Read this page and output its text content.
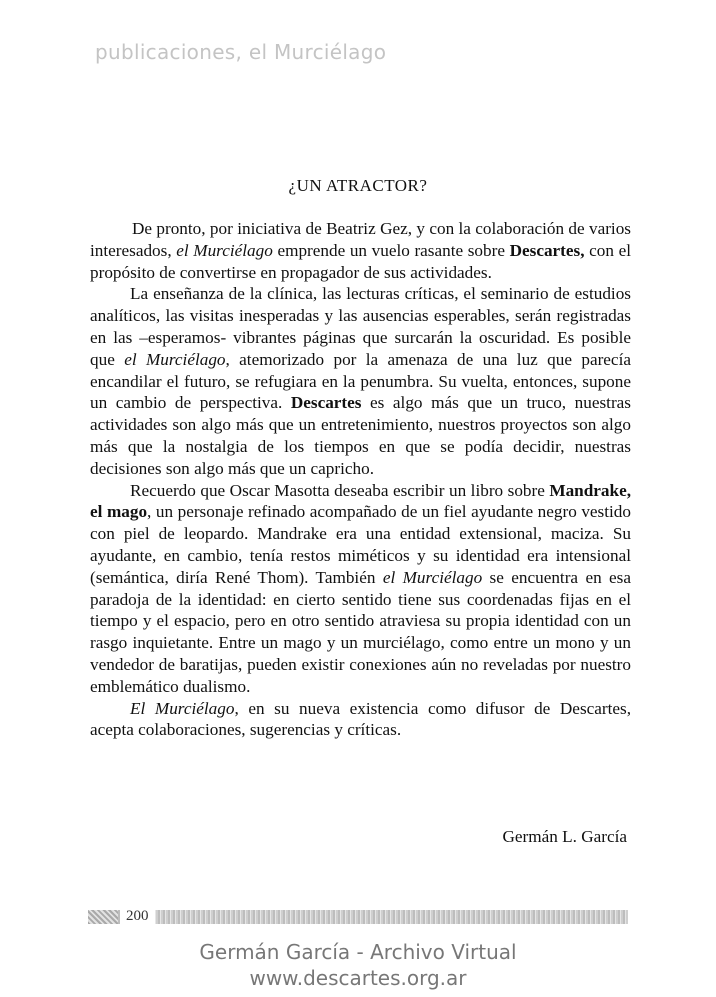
publicaciones, el Murciélago
¿UN ATRACTOR?

De pronto, por iniciativa de Beatriz Gez, y con la colaboración de varios interesados, el Murciélago emprende un vuelo rasante sobre Descartes, con el propósito de convertirse en propagador de sus actividades.

La enseñanza de la clínica, las lecturas críticas, el seminario de estudios analíticos, las visitas inesperadas y las ausencias esperables, serán registradas en las –esperamos- vibrantes páginas que surcarán la oscuridad. Es posible que el Murciélago, atemorizado por la amenaza de una luz que parecía encandilar el futuro, se refugiara en la penumbra. Su vuelta, entonces, supone un cambio de perspectiva. Descartes es algo más que un truco, nuestras actividades son algo más que un entretenimiento, nuestros proyectos son algo más que la nostalgia de los tiempos en que se podía decidir, nuestras decisiones son algo más que un capricho.

Recuerdo que Oscar Masotta deseaba escribir un libro sobre Mandrake, el mago, un personaje refinado acompañado de un fiel ayudante negro vestido con piel de leopardo. Mandrake era una entidad extensional, maciza. Su ayudante, en cambio, tenía restos miméticos y su identidad era intensional (semántica, diría René Thom). También el Murciélago se encuentra en esa paradoja de la identidad: en cierto sentido tiene sus coordenadas fijas en el tiempo y el espacio, pero en otro sentido atraviesa su propia identidad con un rasgo inquietante. Entre un mago y un murciélago, como entre un mono y un vendedor de baratijas, pueden existir conexiones aún no reveladas por nuestro emblemático dualismo.

El Murciélago, en su nueva existencia como difusor de Descartes, acepta colaboraciones, sugerencias y críticas.

Germán L. García
200
Germán García - Archivo Virtual
www.descartes.org.ar
